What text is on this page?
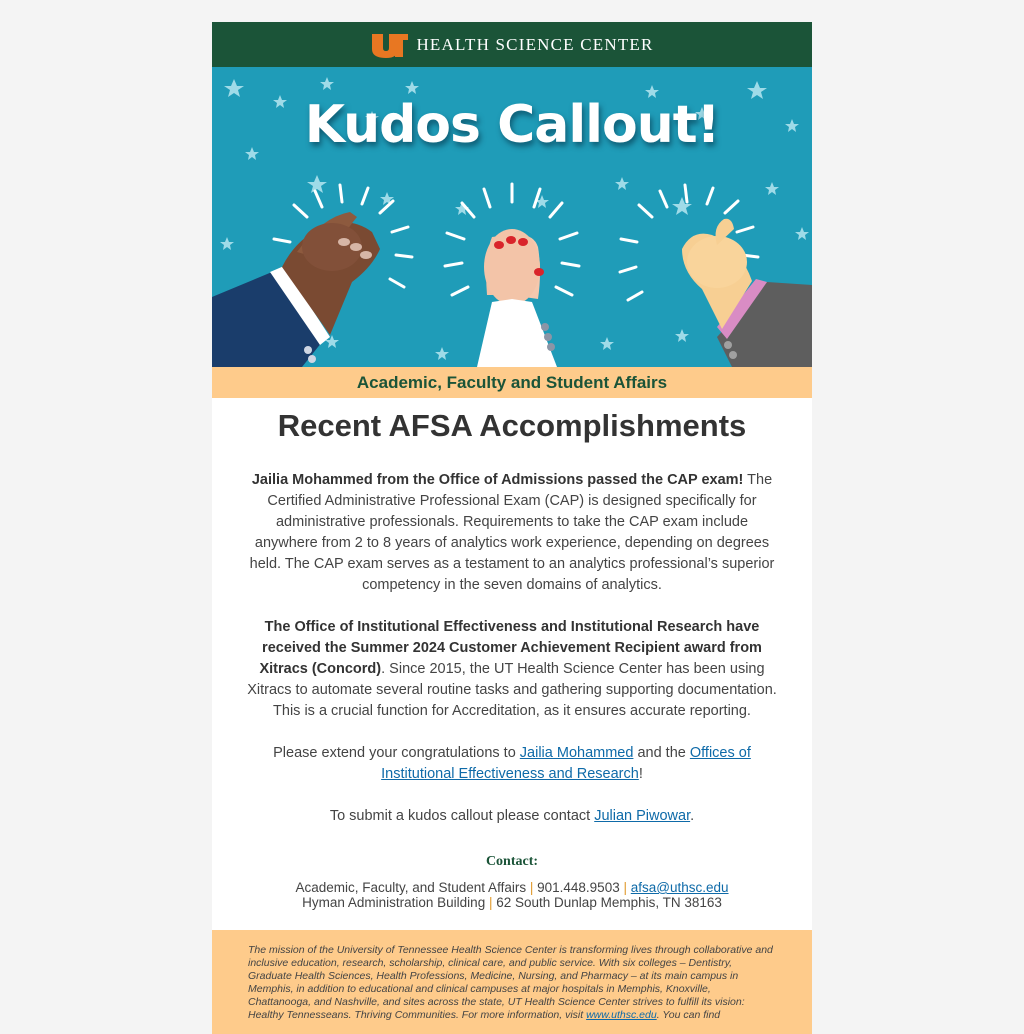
HEALTH SCIENCE CENTER
Kudos Callout!
Academic, Faculty and Student Affairs
Recent AFSA Accomplishments

Jailia Mohammed from the Office of Admissions passed the CAP exam! The Certified Administrative Professional Exam (CAP) is designed specifically for administrative professionals. Requirements to take the CAP exam include anywhere from 2 to 8 years of analytics work experience, depending on degrees held. The CAP exam serves as a testament to an analytics professional’s superior competency in the seven domains of analytics.

The Office of Institutional Effectiveness and Institutional Research have received the Summer 2024 Customer Achievement Recipient award from Xitracs (Concord). Since 2015, the UT Health Science Center has been using Xitracs to automate several routine tasks and gathering supporting documentation. This is a crucial function for Accreditation, as it ensures accurate reporting.

Please extend your congratulations to Jailia Mohammed and the Offices of Institutional Effectiveness and Research!

To submit a kudos callout please contact Julian Piwowar.

Contact:

Academic, Faculty, and Student Affairs | 901.448.9503 | afsa@uthsc.edu

Hyman Administration Building | 62 South Dunlap Memphis, TN 38163

The mission of the University of Tennessee Health Science Center is transforming lives through collaborative and inclusive education, research, scholarship, clinical care, and public service. With six colleges – Dentistry, Graduate Health Sciences, Health Professions, Medicine, Nursing, and Pharmacy – at its main campus in Memphis, in addition to educational and clinical campuses at major hospitals in Memphis, Knoxville, Chattanooga, and Nashville, and sites across the state, UT Health Science Center strives to fulfill its vision: Healthy Tennesseans. Thriving Communities. For more information, visit www.uthsc.edu. You can find
